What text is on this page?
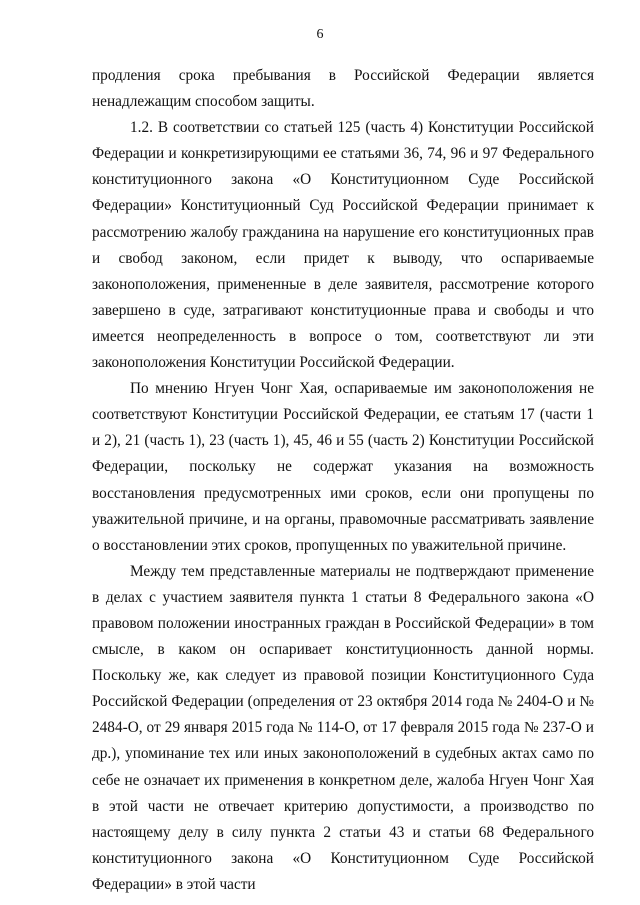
6

продления срока пребывания в Российской Федерации является ненадлежащим способом защиты.

1.2. В соответствии со статьей 125 (часть 4) Конституции Российской Федерации и конкретизирующими ее статьями 36, 74, 96 и 97 Федерального конституционного закона «О Конституционном Суде Российской Федерации» Конституционный Суд Российской Федерации принимает к рассмотрению жалобу гражданина на нарушение его конституционных прав и свобод законом, если придет к выводу, что оспариваемые законоположения, примененные в деле заявителя, рассмотрение которого завершено в суде, затрагивают конституционные права и свободы и что имеется неопределенность в вопросе о том, соответствуют ли эти законоположения Конституции Российской Федерации.

По мнению Нгуен Чонг Хая, оспариваемые им законоположения не соответствуют Конституции Российской Федерации, ее статьям 17 (части 1 и 2), 21 (часть 1), 23 (часть 1), 45, 46 и 55 (часть 2) Конституции Российской Федерации, поскольку не содержат указания на возможность восстановления предусмотренных ими сроков, если они пропущены по уважительной причине, и на органы, правомочные рассматривать заявление о восстановлении этих сроков, пропущенных по уважительной причине.

Между тем представленные материалы не подтверждают применение в делах с участием заявителя пункта 1 статьи 8 Федерального закона «О правовом положении иностранных граждан в Российской Федерации» в том смысле, в каком он оспаривает конституционность данной нормы. Поскольку же, как следует из правовой позиции Конституционного Суда Российской Федерации (определения от 23 октября 2014 года № 2404-О и № 2484-О, от 29 января 2015 года № 114-О, от 17 февраля 2015 года № 237-О и др.), упоминание тех или иных законоположений в судебных актах само по себе не означает их применения в конкретном деле, жалоба Нгуен Чонг Хая в этой части не отвечает критерию допустимости, а производство по настоящему делу в силу пункта 2 статьи 43 и статьи 68 Федерального конституционного закона «О Конституционном Суде Российской Федерации» в этой части
